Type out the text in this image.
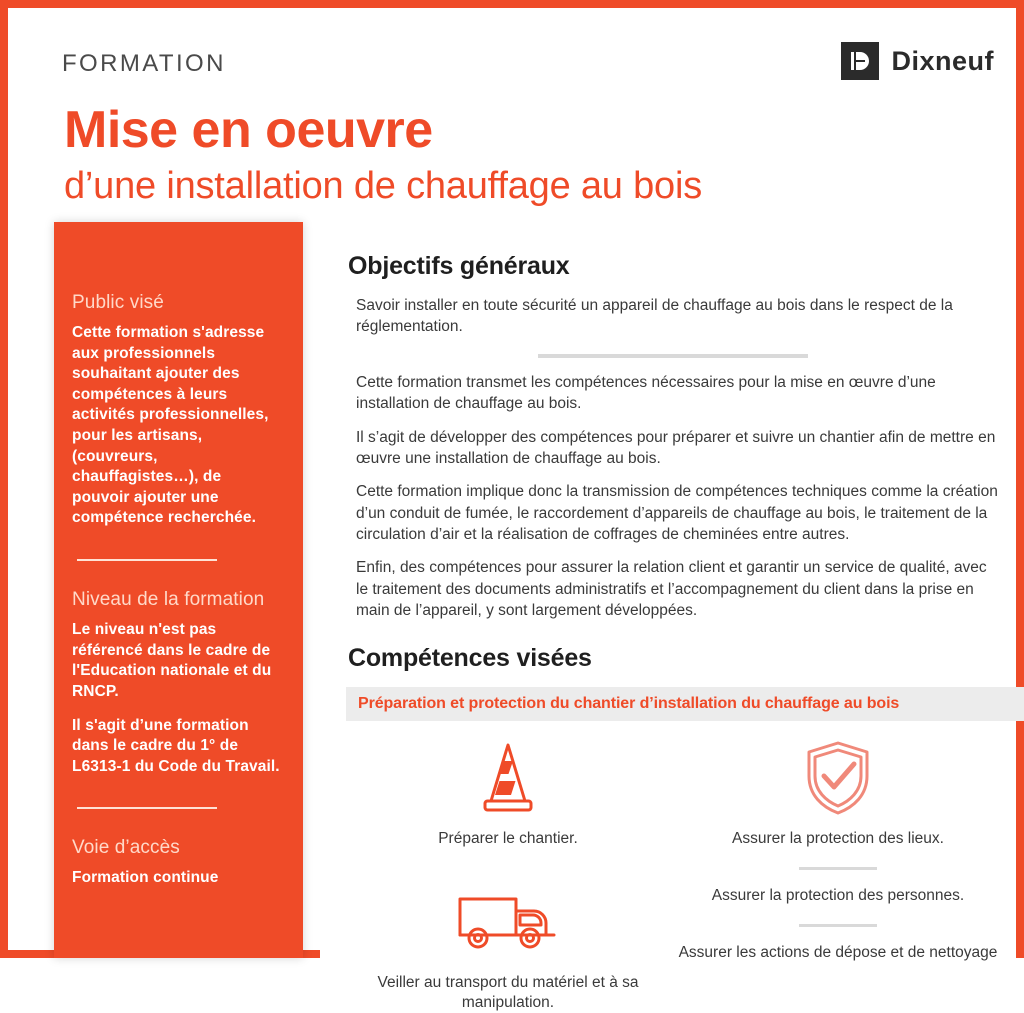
FORMATION	Dixneuf
Mise en oeuvre
d’une installation de chauffage au bois
Public visé
Cette formation s'adresse aux professionnels souhaitant ajouter des compétences à leurs activités professionnelles, pour les artisans, (couvreurs, chauffagistes…), de pouvoir ajouter une compétence recherchée.
Niveau de la formation
Le niveau n'est pas référencé dans le cadre de l'Education nationale et du RNCP.
Il s'agit d’une formation dans le cadre du 1° de L6313-1 du Code du Travail.
Voie d’accès
Formation continue
Objectifs généraux

Savoir installer en toute sécurité un appareil de chauffage au bois dans le respect de la réglementation.

Cette formation transmet les compétences nécessaires pour la mise en œuvre d’une installation de chauffage au bois.

Il s’agit de développer des compétences pour préparer et suivre un chantier afin de mettre en œuvre une installation de chauffage au bois.

Cette formation implique donc la transmission de compétences techniques comme la création d’un conduit de fumée, le raccordement d’appareils de chauffage au bois, le traitement de la circulation d’air et la réalisation de coffrages de cheminées entre autres.

Enfin, des compétences pour assurer la relation client et garantir un service de qualité, avec le traitement des documents administratifs et l’accompagnement du client dans la prise en main de l’appareil, y sont largement développées.

Compétences visées
Préparation et protection du chantier d’installation du chauffage au bois
Préparer le chantier.
Veiller au transport du matériel et à sa manipulation.
Assurer la protection des lieux.
Assurer la protection des personnes.
Assurer les actions de dépose et de nettoyage
